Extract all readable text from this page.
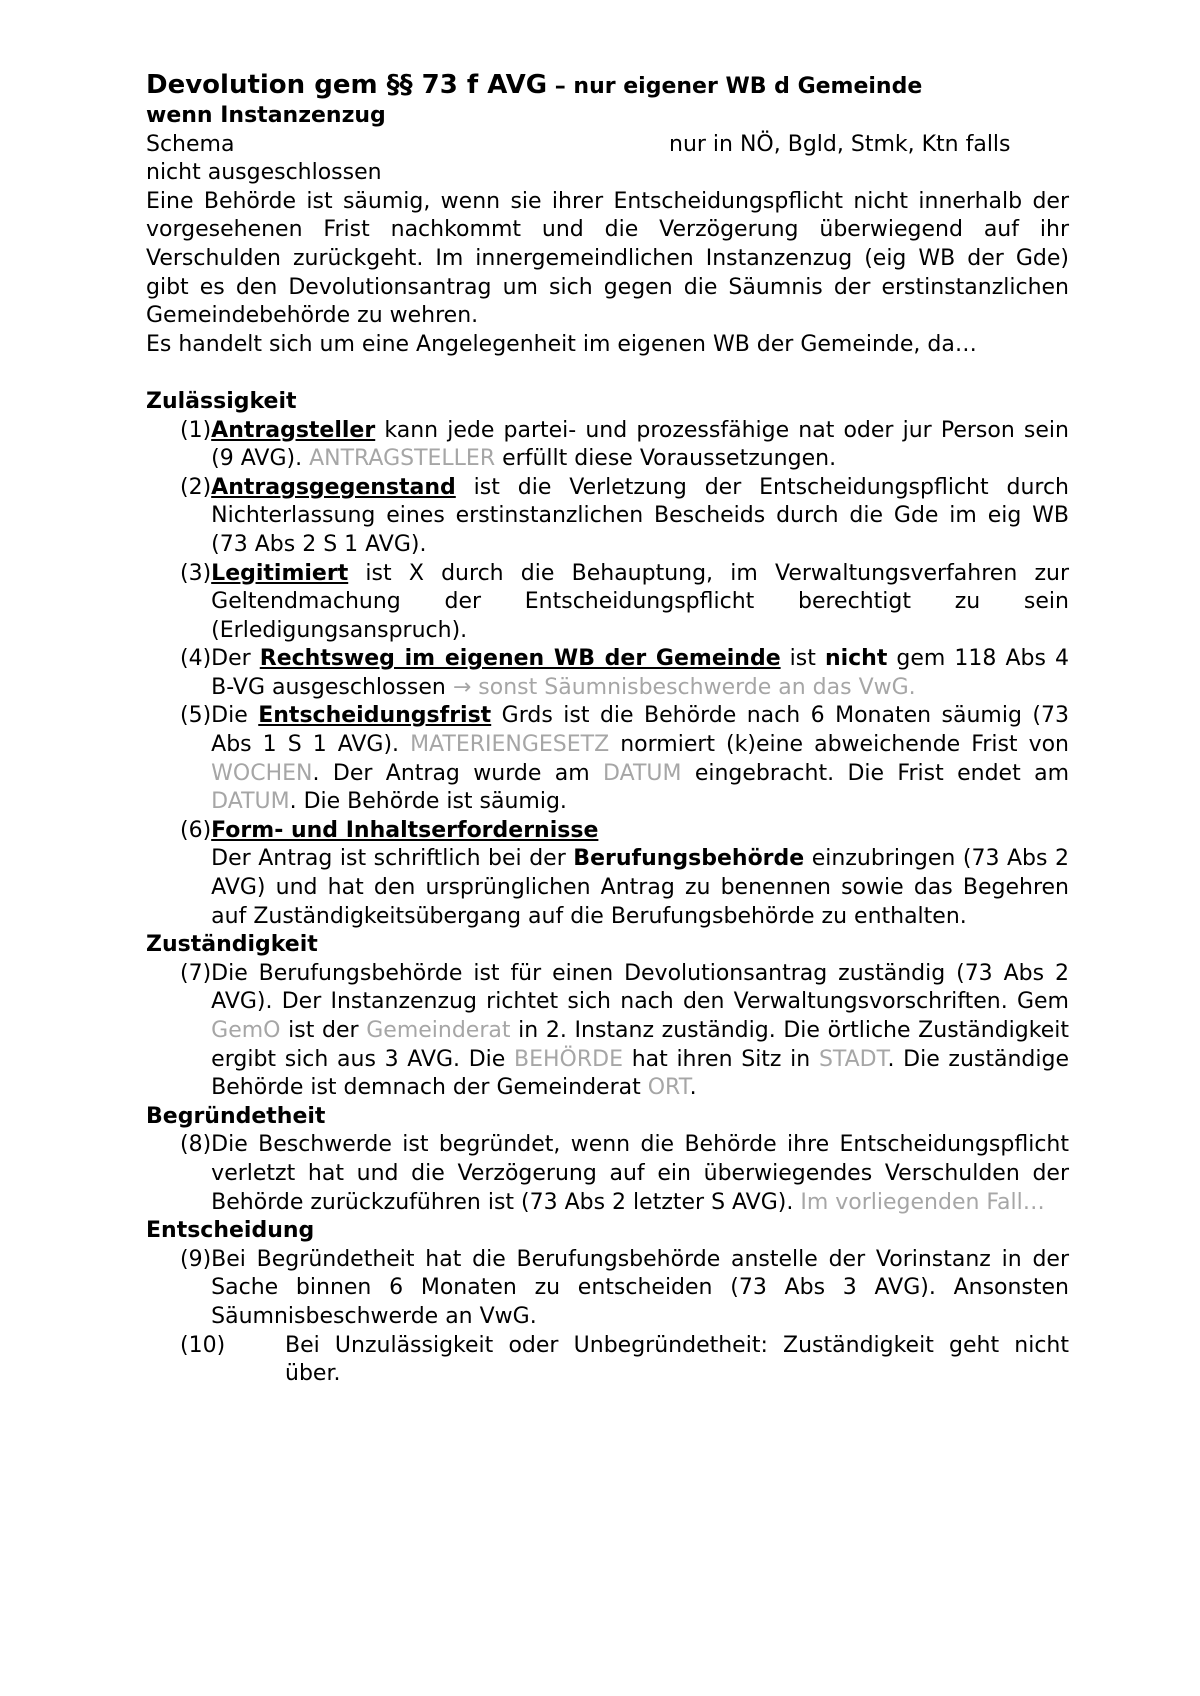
Devolution gem §§ 73 f AVG – nur eigener WB d Gemeinde
wenn Instanzenzug
Schema	nur in NÖ, Bgld, Stmk, Ktn falls
nicht ausgeschlossen
Eine Behörde ist säumig, wenn sie ihrer Entscheidungspflicht nicht innerhalb der vorgesehenen Frist nachkommt und die Verzögerung überwiegend auf ihr Verschulden zurückgeht. Im innergemeindlichen Instanzenzug (eig WB der Gde) gibt es den Devolutionsantrag um sich gegen die Säumnis der erstinstanzlichen Gemeindebehörde zu wehren.
Es handelt sich um eine Angelegenheit im eigenen WB der Gemeinde, da…
Zulässigkeit
(1) Antragsteller kann jede partei- und prozessfähige nat oder jur Person sein (9 AVG). ANTRAGSTELLER erfüllt diese Voraussetzungen.
(2) Antragsgegenstand ist die Verletzung der Entscheidungspflicht durch Nichterlassung eines erstinstanzlichen Bescheids durch die Gde im eig WB (73 Abs 2 S 1 AVG).
(3) Legitimiert ist X durch die Behauptung, im Verwaltungsverfahren zur Geltendmachung der Entscheidungspflicht berechtigt zu sein (Erledigungsanspruch).
(4) Der Rechtsweg im eigenen WB der Gemeinde ist nicht gem 118 Abs 4 B-VG ausgeschlossen → sonst Säumnisbeschwerde an das VwG.
(5) Die Entscheidungsfrist Grds ist die Behörde nach 6 Monaten säumig (73 Abs 1 S 1 AVG). MATERIENGESETZ normiert (k)eine abweichende Frist von WOCHEN. Der Antrag wurde am DATUM eingebracht. Die Frist endet am DATUM. Die Behörde ist säumig.
(6) Form- und Inhaltserfordernisse
Der Antrag ist schriftlich bei der Berufungsbehörde einzubringen (73 Abs 2 AVG) und hat den ursprünglichen Antrag zu benennen sowie das Begehren auf Zuständigkeitsübergang auf die Berufungsbehörde zu enthalten.
Zuständigkeit
(7) Die Berufungsbehörde ist für einen Devolutionsantrag zuständig (73 Abs 2 AVG). Der Instanzenzug richtet sich nach den Verwaltungsvorschriften. Gem GemO ist der Gemeinderat in 2. Instanz zuständig. Die örtliche Zuständigkeit ergibt sich aus 3 AVG. Die BEHÖRDE hat ihren Sitz in STADT. Die zuständige Behörde ist demnach der Gemeinderat ORT.
Begründetheit
(8) Die Beschwerde ist begründet, wenn die Behörde ihre Entscheidungspflicht verletzt hat und die Verzögerung auf ein überwiegendes Verschulden der Behörde zurückzuführen ist (73 Abs 2 letzter S AVG). Im vorliegenden Fall…
Entscheidung
(9) Bei Begründetheit hat die Berufungsbehörde anstelle der Vorinstanz in der Sache binnen 6 Monaten zu entscheiden (73 Abs 3 AVG). Ansonsten Säumnisbeschwerde an VwG.
(10)	Bei Unzulässigkeit oder Unbegründetheit: Zuständigkeit geht nicht über.
